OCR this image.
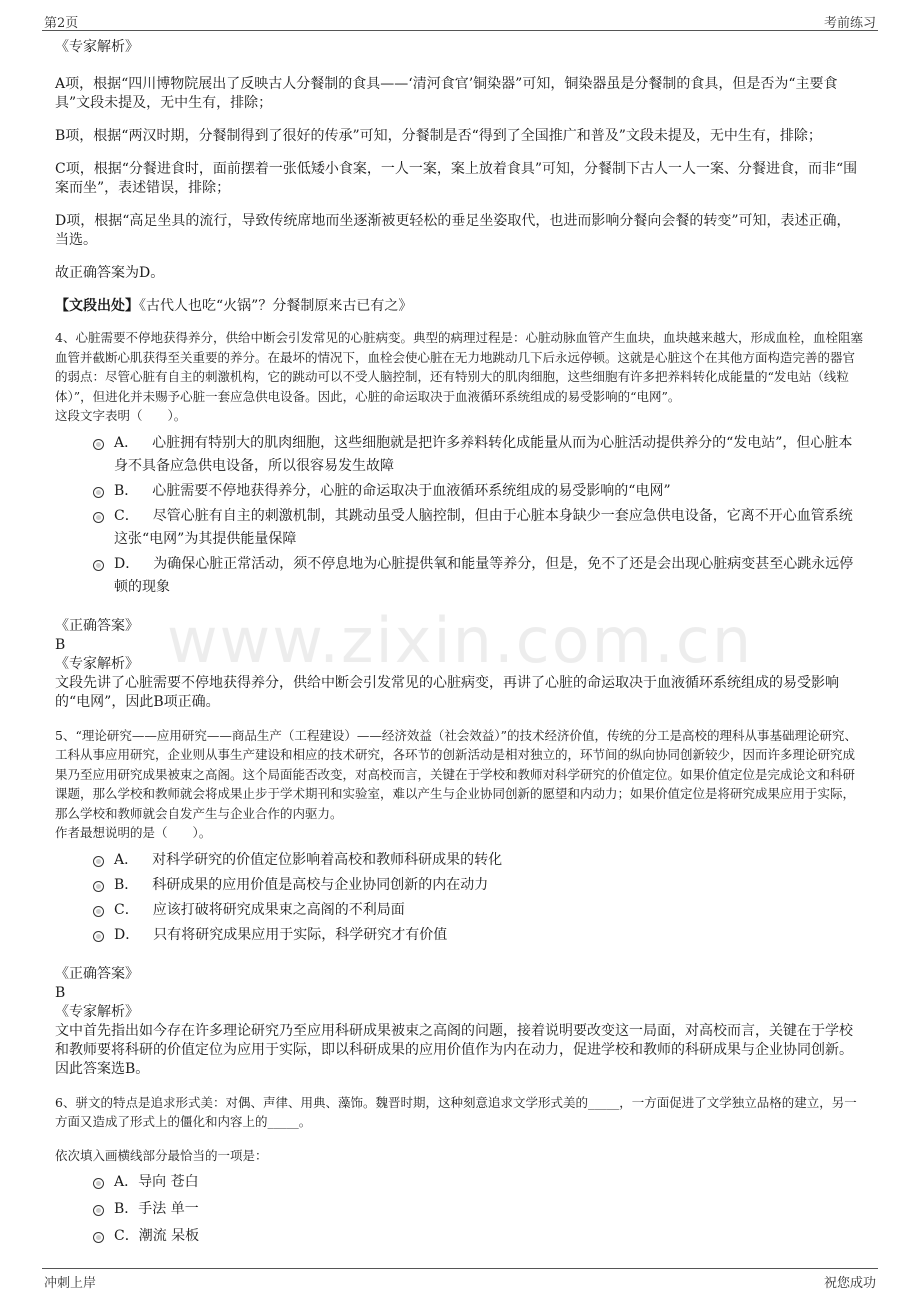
第2页	考前练习
www.zixin.com.cn

《专家解析》

A项，根据“四川博物院展出了反映古人分餐制的食具——‘清河食官’铜染器”可知，铜染器虽是分餐制的食具，但是否为“主要食具”文段未提及，无中生有，排除；

B项，根据“两汉时期，分餐制得到了很好的传承”可知，分餐制是否“得到了全国推广和普及”文段未提及，无中生有，排除；

C项，根据“分餐进食时，面前摆着一张低矮小食案，一人一案，案上放着食具”可知，分餐制下古人一人一案、分餐进食，而非“围案而坐”，表述错误，排除；

D项，根据“高足坐具的流行，导致传统席地而坐逐渐被更轻松的垂足坐姿取代，也进而影响分餐向会餐的转变”可知，表述正确，当选。

故正确答案为D。

【文段出处】《古代人也吃“火锅”？分餐制原来古已有之》

4、心脏需要不停地获得养分，供给中断会引发常见的心脏病变。典型的病理过程是：心脏动脉血管产生血块，血块越来越大，形成血栓，血栓阻塞血管并截断心肌获得至关重要的养分。在最坏的情况下，血栓会使心脏在无力地跳动几下后永远停顿。这就是心脏这个在其他方面构造完善的器官的弱点：尽管心脏有自主的刺激机构，它的跳动可以不受人脑控制，还有特别大的肌肉细胞，这些细胞有许多把养料转化成能量的“发电站（线粒体）”，但进化并未赐予心脏一套应急供电设备。因此，心脏的命运取决于血液循环系统组成的易受影响的“电网”。

这段文字表明（　　）。

A． 心脏拥有特别大的肌肉细胞，这些细胞就是把许多养料转化成能量从而为心脏活动提供养分的“发电站”，但心脏本身不具备应急供电设备，所以很容易发生故障
B． 心脏需要不停地获得养分，心脏的命运取决于血液循环系统组成的易受影响的“电网”
C． 尽管心脏有自主的刺激机制，其跳动虽受人脑控制，但由于心脏本身缺少一套应急供电设备，它离不开心血管系统这张“电网”为其提供能量保障
D． 为确保心脏正常活动，须不停息地为心脏提供氧和能量等养分，但是，免不了还是会出现心脏病变甚至心跳永远停顿的现象

《正确答案》

B

《专家解析》

文段先讲了心脏需要不停地获得养分，供给中断会引发常见的心脏病变，再讲了心脏的命运取决于血液循环系统组成的易受影响的“电网”，因此B项正确。

5、“理论研究——应用研究——商品生产（工程建设）——经济效益（社会效益）”的技术经济价值，传统的分工是高校的理科从事基础理论研究、工科从事应用研究，企业则从事生产建设和相应的技术研究，各环节的创新活动是相对独立的，环节间的纵向协同创新较少，因而许多理论研究成果乃至应用研究成果被束之高阁。这个局面能否改变，对高校而言，关键在于学校和教师对科学研究的价值定位。如果价值定位是完成论文和科研课题，那么学校和教师就会将成果止步于学术期刊和实验室，难以产生与企业协同创新的愿望和内动力；如果价值定位是将研究成果应用于实际，那么学校和教师就会自发产生与企业合作的内驱力。

作者最想说明的是（　　）。

A． 对科学研究的价值定位影响着高校和教师科研成果的转化
B． 科研成果的应用价值是高校与企业协同创新的内在动力
C． 应该打破将研究成果束之高阁的不利局面
D． 只有将研究成果应用于实际，科学研究才有价值

《正确答案》

B

《专家解析》

文中首先指出如今存在许多理论研究乃至应用科研成果被束之高阁的问题，接着说明要改变这一局面，对高校而言，关键在于学校和教师要将科研的价值定位为应用于实际，即以科研成果的应用价值作为内在动力，促进学校和教师的科研成果与企业协同创新。因此答案选B。

6、骈文的特点是追求形式美：对偶、声律、用典、藻饰。魏晋时期，这种刻意追求文学形式美的_____，一方面促进了文学独立品格的建立，另一方面又造成了形式上的僵化和内容上的_____。

依次填入画横线部分最恰当的一项是：

A．导向 苍白
B．手法 单一
C．潮流 呆板
冲刺上岸	祝您成功
